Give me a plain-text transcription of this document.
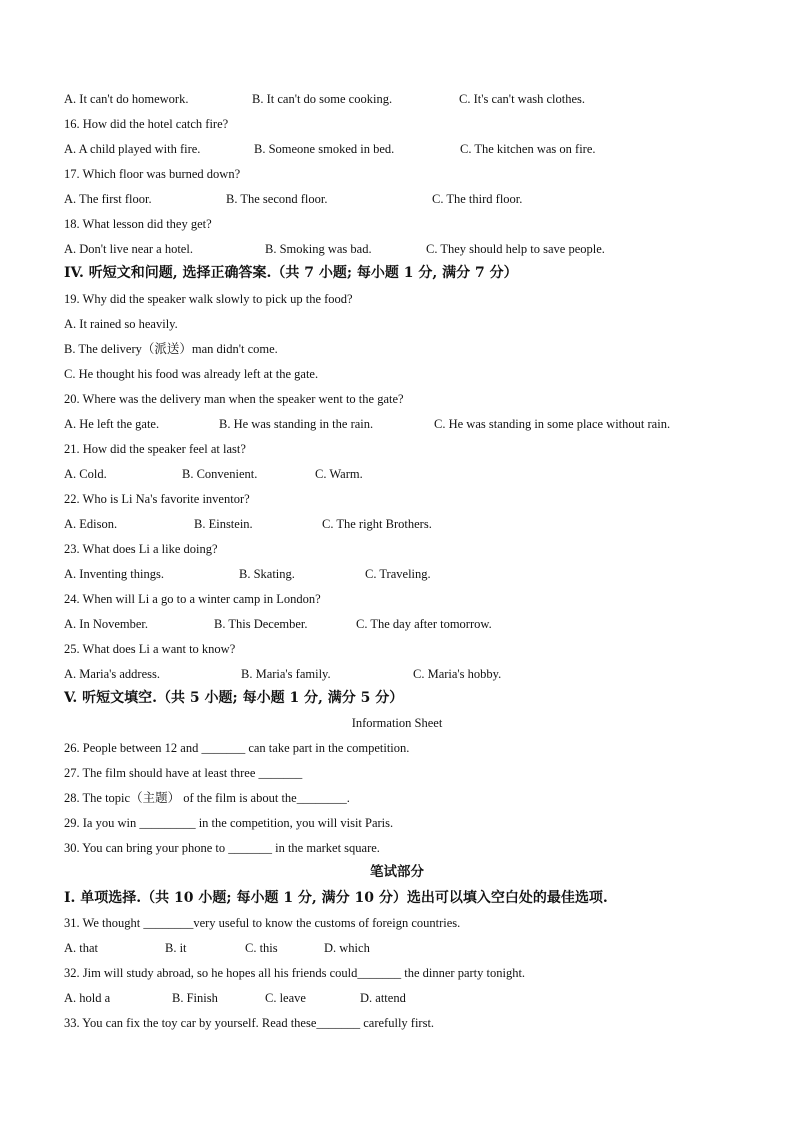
A. It can't do homework.	B. It can't do some cooking.	C. It's can't wash clothes.
16. How did the hotel catch fire?
A. A child played with fire.	B. Someone smoked in bed.	C. The kitchen was on fire.
17. Which floor was burned down?
A. The first floor.	B. The second floor.	C. The third floor.
18. What lesson did they get?
A. Don't live near a hotel.	B. Smoking was bad.	C. They should help to save people.
IV. 听短文和问题, 选择正确答案.（共 7 小题; 每小题 1 分, 满分 7 分）
19. Why did the speaker walk slowly to pick up the food?
A. It rained so heavily.
B. The delivery（派送）man didn't come.
C. He thought his food was already left at the gate.
20. Where was the delivery man when the speaker went to the gate?
A. He left the gate.	B. He was standing in the rain.	C. He was standing in some place without rain.
21. How did the speaker feel at last?
A. Cold.	B. Convenient.	C. Warm.
22. Who is Li Na's favorite inventor?
A. Edison.	B. Einstein.	C. The right Brothers.
23. What does Li a like doing?
A. Inventing things.	B. Skating.	C. Traveling.
24. When will Li a go to a winter camp in London?
A. In November.	B. This December.	C. The day after tomorrow.
25. What does Li a want to know?
A. Maria's address.	B. Maria's family.	C. Maria's hobby.
V. 听短文填空.（共 5 小题; 每小题 1 分, 满分 5 分）
Information Sheet
26. People between 12 and _______ can take part in the competition.
27. The film should have at least three _______
28. The topic（主题） of the film is about the________.
29. Ia you win _________ in the competition, you will visit Paris.
30. You can bring your phone to _______ in the market square.
笔试部分
I. 单项选择.（共 10 小题; 每小题 1 分, 满分 10 分）选出可以填入空白处的最佳选项.
31. We thought ________very useful to know the customs of foreign countries.
A. that	B. it	C. this	D. which
32. Jim will study abroad, so he hopes all his friends could_______ the dinner party tonight.
A. hold a	B. Finish	C. leave	D. attend
33. You can fix the toy car by yourself. Read these_______ carefully first.
